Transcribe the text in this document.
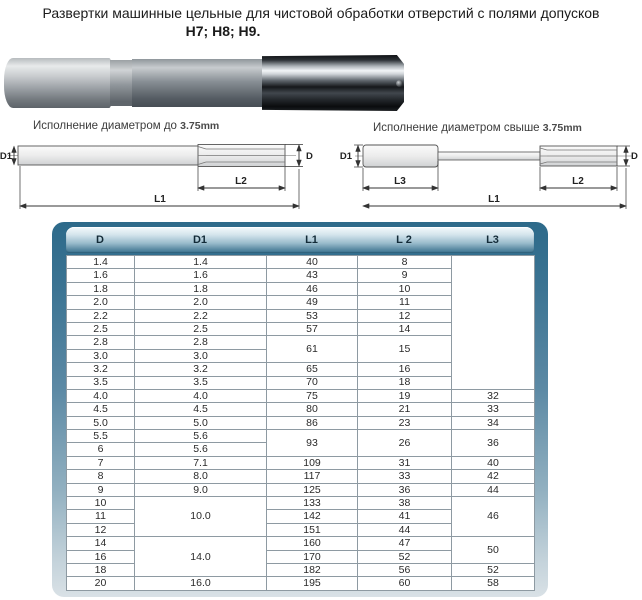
Развертки машинные цельные для чистовой обработки отверстий с полями допусков
H7; H8; H9.
Исполнение диаметром до 3.75mm	Исполнение диаметром свыше 3.75mm
D1	D
L2
L1
D1	D
L3	L2
L1
D	D1	L1	L 2	L3
1.4	1.4	40	8	
1.6	1.6	43	9	
1.8	1.8	46	10	
2.0	2.0	49	11	
2.2	2.2	53	12	
2.5	2.5	57	14	
2.8	2.8	61	15	
3.0	3.0			
3.2	3.2	65	16	
3.5	3.5	70	18	
4.0	4.0	75	19	32
4.5	4.5	80	21	33
5.0	5.0	86	23	34
5.5	5.6	93	26	36
6	5.6			
7	7.1	109	31	40
8	8.0	117	33	42
9	9.0	125	36	44
10	10.0	133	38	46
11		142	41	
12		151	44	
14	14.0	160	47	50
16		170	52	
18		182	56	52
20	16.0	195	60	58
